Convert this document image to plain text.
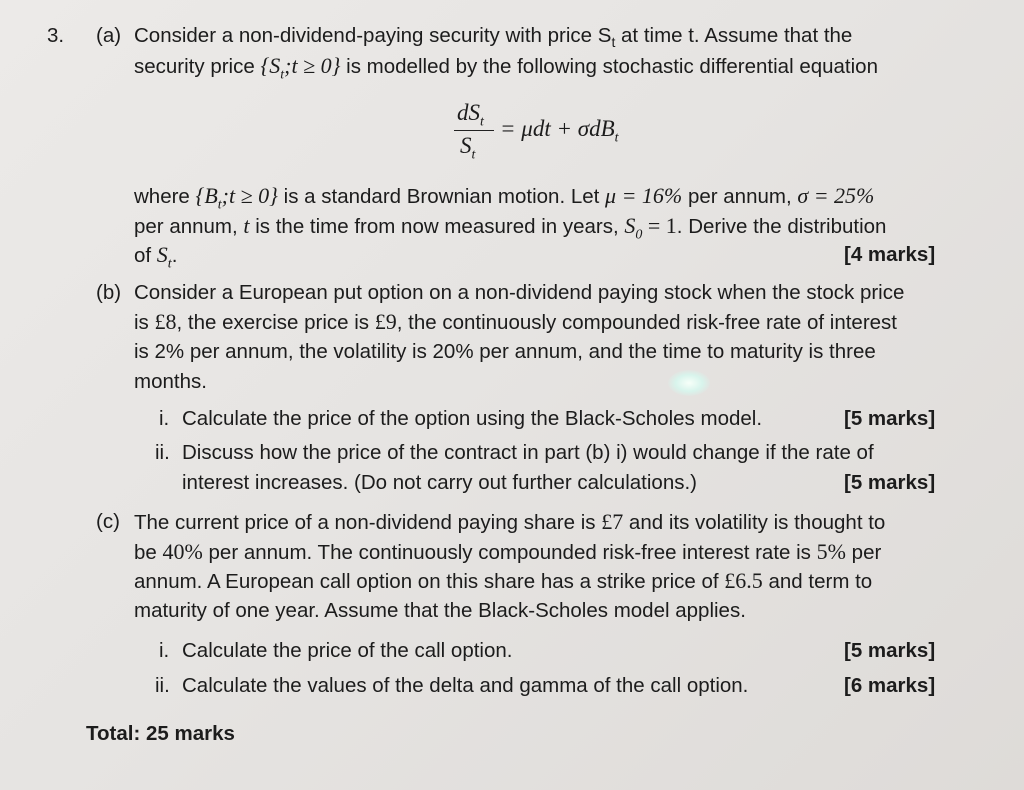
3. (a) Consider a non-dividend-paying security with price $S_t$ at time t. Assume that the
security price $\{S_t;t \ge 0\}$ is modelled by the following stochastic differential equation
$dS_t$
$S_t$
= μdt + σdB$_t$
where $\{B_t;t \ge 0\}$ is a standard Brownian motion. Let μ = 16% per annum, σ = 25%
per annum, t is the time from now measured in years, $S_0 = 1$. Derive the distribution
of $S_t$.	[4 marks]
(b) Consider a European put option on a non-dividend paying stock when the stock price
is £8, the exercise price is £9, the continuously compounded risk-free rate of interest
is 2% per annum, the volatility is 20% per annum, and the time to maturity is three
months.
i. Calculate the price of the option using the Black-Scholes model.	[5 marks]
ii. Discuss how the price of the contract in part (b) i) would change if the rate of
interest increases. (Do not carry out further calculations.)	[5 marks]
(c) The current price of a non-dividend paying share is £7 and its volatility is thought to
be 40% per annum. The continuously compounded risk-free interest rate is 5% per
annum. A European call option on this share has a strike price of £6.5 and term to
maturity of one year. Assume that the Black-Scholes model applies.
i. Calculate the price of the call option.	[5 marks]
ii. Calculate the values of the delta and gamma of the call option.	[6 marks]
Total: 25 marks
